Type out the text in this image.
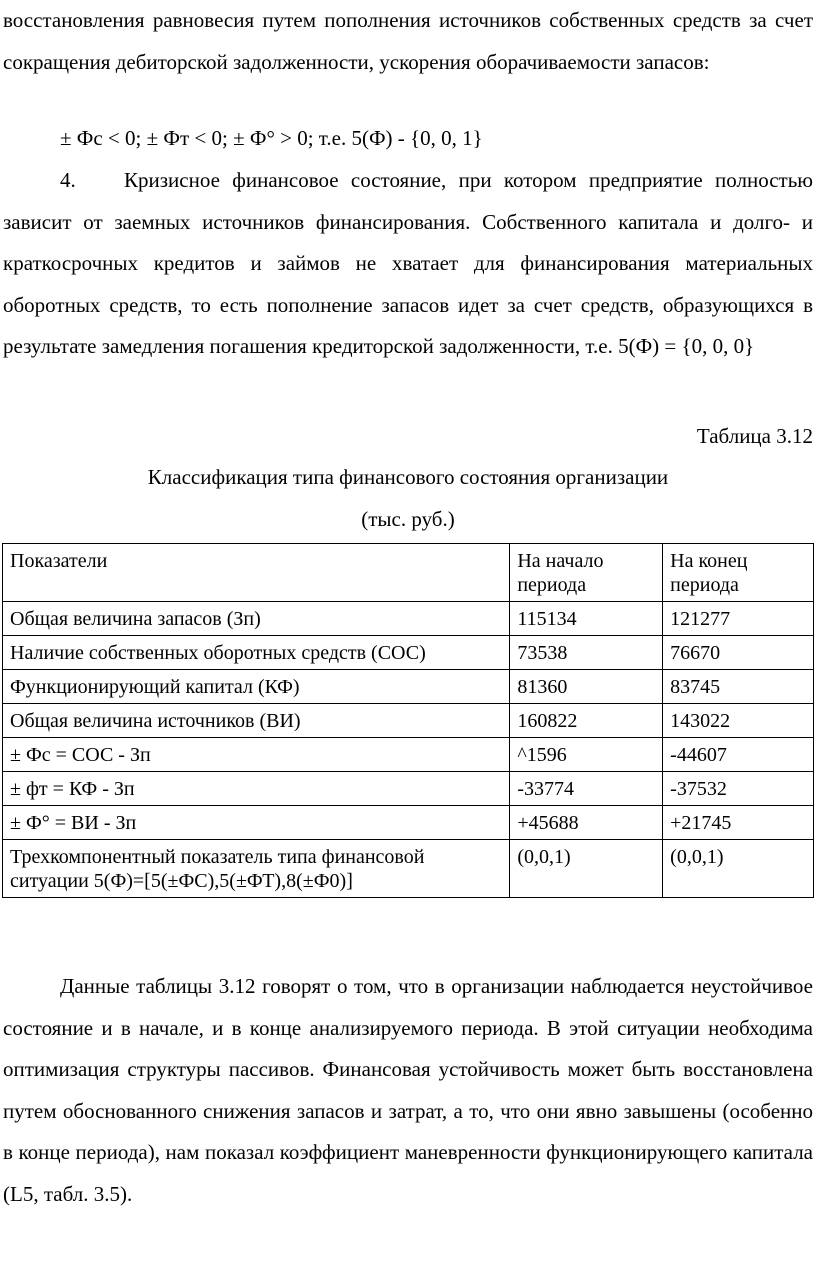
восстановления равновесия путем пополнения источников собственных средств за счет сокращения дебиторской задолженности, ускорения оборачиваемости запасов:

± Фс < 0; ± Фт < 0; ± Ф° > 0; т.е. 5(Ф) - {0, 0, 1}

4. Кризисное финансовое состояние, при котором предприятие полностью зависит от заемных источников финансирования. Собственного капитала и долго- и краткосрочных кредитов и займов не хватает для финансирования материальных оборотных средств, то есть пополнение запасов идет за счет средств, образующихся в результате замедления погашения кредиторской задолженности, т.е. 5(Ф) = {0, 0, 0}

Таблица 3.12

Классификация типа финансового состояния организации

(тыс. руб.)

Показатели	На начало периода	На конец периода
Общая величина запасов (Зп)	115134	121277
Наличие собственных оборотных средств (СОС)	73538	76670
Функционирующий капитал (КФ)	81360	83745
Общая величина источников (ВИ)	160822	143022
± Фс = СОС - Зп	^1596	-44607
± фт = КФ - Зп	-33774	-37532
± Ф° = ВИ - Зп	+45688	+21745
Трехкомпонентный показатель типа финансовой ситуации 5(Ф)=[5(±ФС),5(±ФТ),8(±Ф0)]	(0,0,1)	(0,0,1)

Данные таблицы 3.12 говорят о том, что в организации наблюдается неустойчивое состояние и в начале, и в конце анализируемого периода. В этой ситуации необходима оптимизация структуры пассивов. Финансовая устойчивость может быть восстановлена путем обоснованного снижения запасов и затрат, а то, что они явно завышены (особенно в конце периода), нам показал коэффициент маневренности функционирующего капитала (L5, табл. 3.5).
